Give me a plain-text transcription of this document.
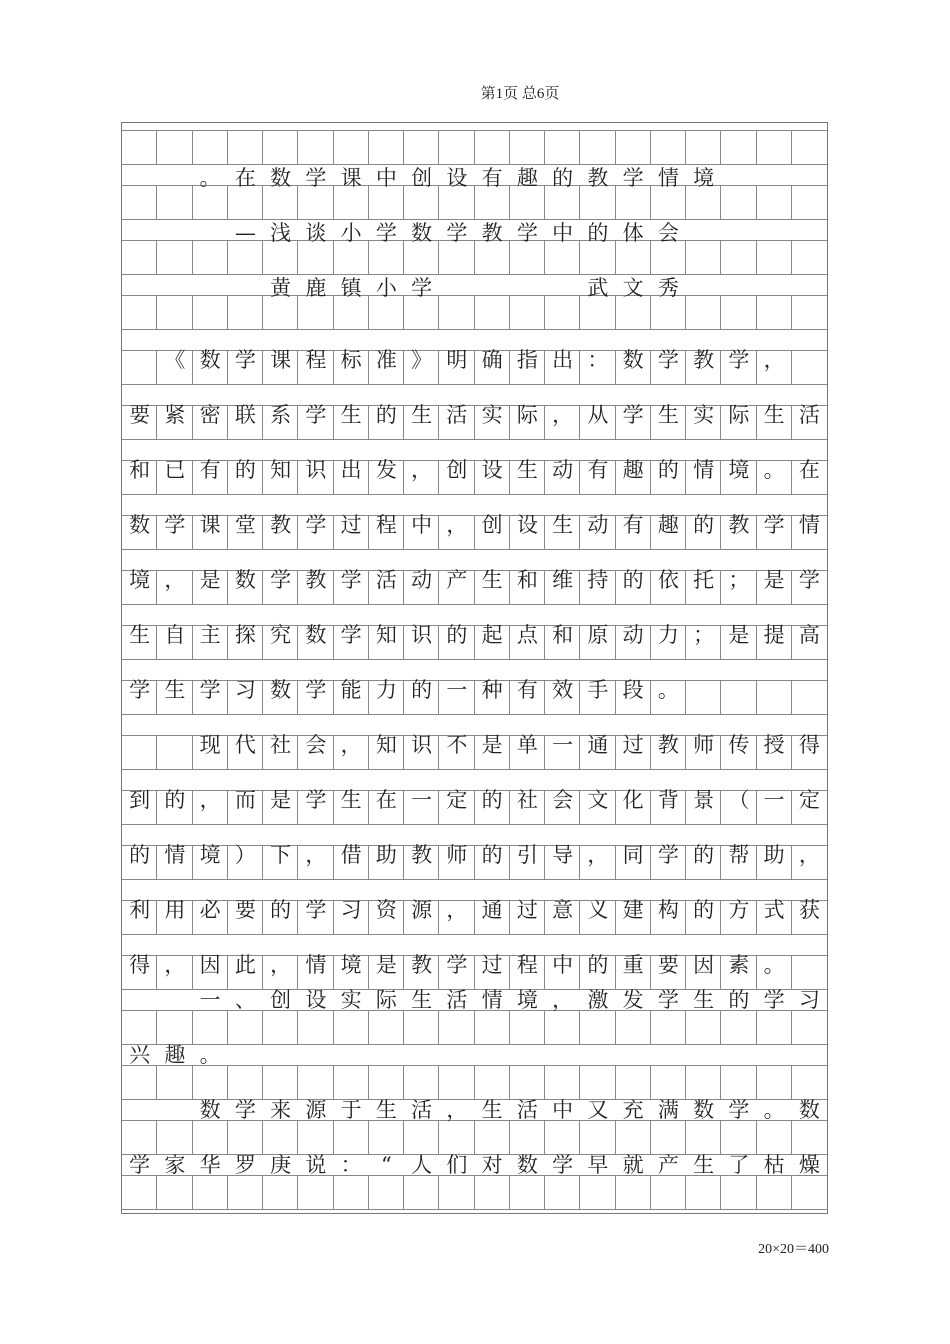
第1页 总6页
。 在 数 学 课 中 创 设 有 趣 的 教 学 情 境
— 浅 谈 小 学 数 学 教 学 中 的 体 会
黄 鹿 镇 小 学	武 文 秀
《 数 学 课 程 标 准 》 明 确 指 出 ： 数 学 教 学 ，
要 紧 密 联 系 学 生 的 生 活 实 际 ， 从 学 生 实 际 生 活
和 已 有 的 知 识 出 发 ， 创 设 生 动 有 趣 的 情 境 。 在
数 学 课 堂 教 学 过 程 中 ， 创 设 生 动 有 趣 的 教 学 情
境 ， 是 数 学 教 学 活 动 产 生 和 维 持 的 依 托 ； 是 学
生 自 主 探 究 数 学 知 识 的 起 点 和 原 动 力 ； 是 提 高
学 生 学 习 数 学 能 力 的 一 种 有 效 手 段 。
现 代 社 会 ， 知 识 不 是 单 一 通 过 教 师 传 授 得
到 的 ， 而 是 学 生 在 一 定 的 社 会 文 化 背 景 （ 一 定
的 情 境 ） 下 ， 借 助 教 师 的 引 导 ， 同 学 的 帮 助 ，
利 用 必 要 的 学 习 资 源 ， 通 过 意 义 建 构 的 方 式 获
得 ， 因 此 ， 情 境 是 教 学 过 程 中 的 重 要 因 素 。
一 、 创 设 实 际 生 活 情 境 ， 激 发 学 生 的 学 习
兴 趣 。
数 学 来 源 于 生 活 ， 生 活 中 又 充 满 数 学 。 数
学 家 华 罗 庚 说 ： “ 人 们 对 数 学 早 就 产 生 了 枯 燥
20×20＝400
